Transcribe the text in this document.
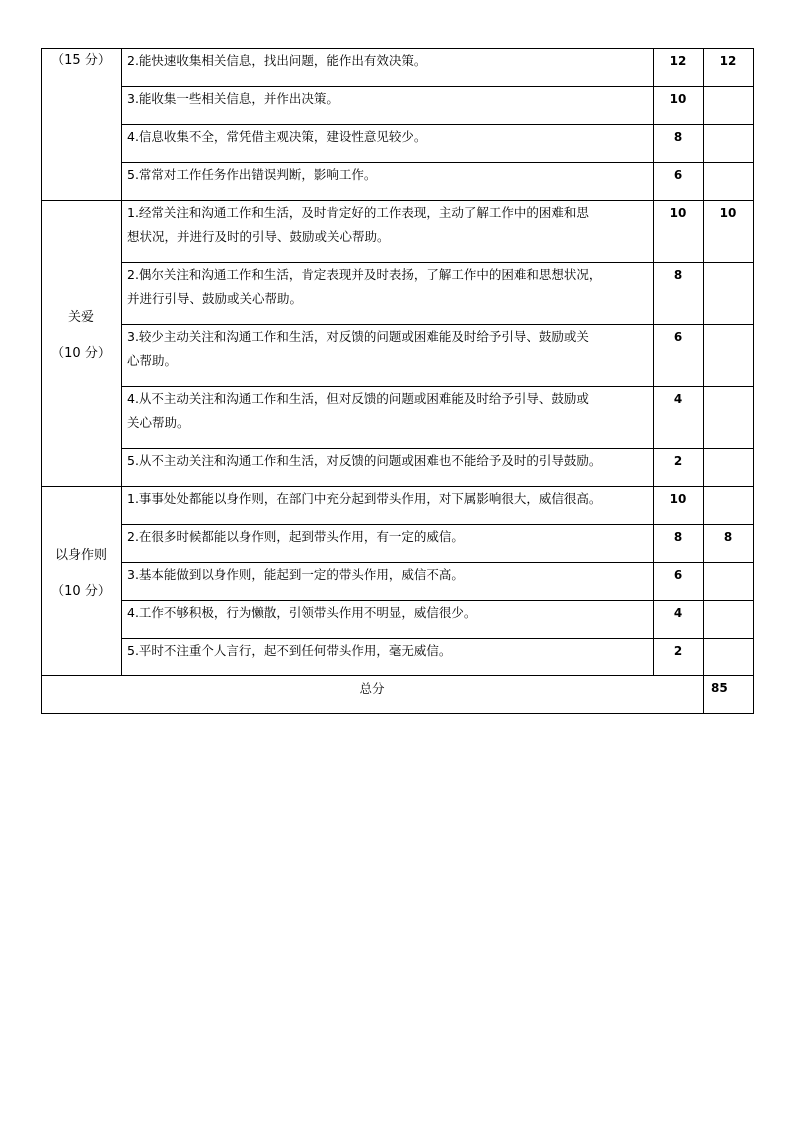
（15 分）	2.能快速收集相关信息，找出问题，能作出有效决策。	12	12
3.能收集一些相关信息，并作出决策。	10
4.信息收集不全，常凭借主观决策，建设性意见较少。	8
5.常常对工作任务作出错误判断，影响工作。	6
关爱
（10 分）
1.经常关注和沟通工作和生活，及时肯定好的工作表现，主动了解工作中的困难和思
想状况，并进行及时的引导、鼓励或关心帮助。
10	10
2.偶尔关注和沟通工作和生活，肯定表现并及时表扬，了解工作中的困难和思想状况，
并进行引导、鼓励或关心帮助。
8
3.较少主动关注和沟通工作和生活，对反馈的问题或困难能及时给予引导、鼓励或关
心帮助。
6
4.从不主动关注和沟通工作和生活，但对反馈的问题或困难能及时给予引导、鼓励或
关心帮助。
4
5.从不主动关注和沟通工作和生活，对反馈的问题或困难也不能给予及时的引导鼓励。	2
以身作则
（10 分）
1.事事处处都能以身作则，在部门中充分起到带头作用，对下属影响很大，威信很高。	10
2.在很多时候都能以身作则，起到带头作用，有一定的威信。	8	8
3.基本能做到以身作则，能起到一定的带头作用，威信不高。	6
4.工作不够积极，行为懒散，引领带头作用不明显，威信很少。	4
5.平时不注重个人言行，起不到任何带头作用，毫无威信。	2
总分	85
